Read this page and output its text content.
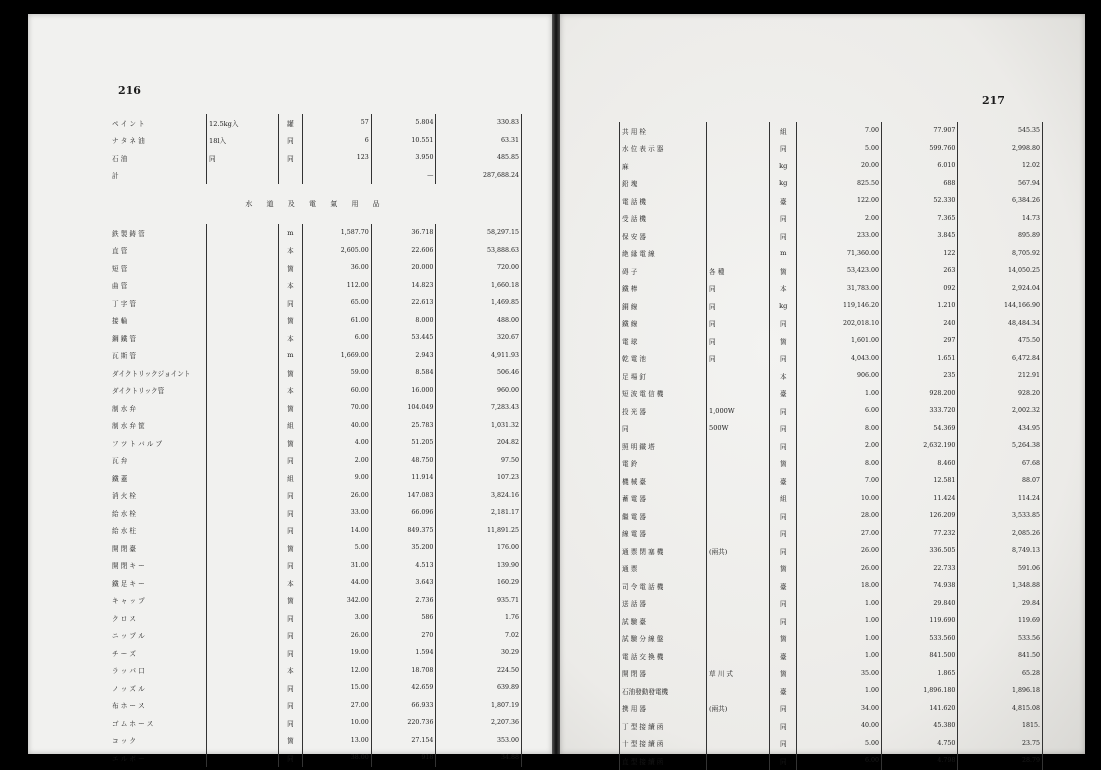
216
ペ イ ン ト	12.5kg入	罐	57	5.804	330.83
ナ タ ネ 油	18l入	同	6	10.551	63.31
石 油	同	同	123	3.950	485.85
計				—	287,688.24
水 道 及 電 氣 用 品					
鉄 製 鋳 管		m	1,587.70	36.718	58,297.15
直 管		本	2,605.00	22.606	53,888.63
短 管		箇	36.00	20.000	720.00
曲 管		本	112.00	14.823	1,660.18
丁 字 管		同	65.00	22.613	1,469.85
接 輪		箇	61.00	8.000	488.00
鋼 鐵 管		本	6.00	53.445	320.67
瓦 斯 管		m	1,669.00	2.943	4,911.93
ダイクトリックジョイント		箇	59.00	8.584	506.46
ダイクトリック管		本	60.00	16.000	960.00
制 水 弁		箇	70.00	104.049	7,283.43
制 水 弁 筐		組	40.00	25.783	1,031.32
フ ツ ト バ ル ブ		箇	4.00	51.205	204.82
瓦 弁		同	2.00	48.750	97.50
鐵 蓋		組	9.00	11.914	107.23
消 火 栓		同	26.00	147.083	3,824.16
給 水 栓		同	33.00	66.096	2,181.17
給 水 柱		同	14.00	849.375	11,891.25
開 閉 臺		箇	5.00	35.200	176.00
開 閉 キ ー		同	31.00	4.513	139.90
鐵 足 キ ー		本	44.00	3.643	160.29
キ ャ ッ プ		箇	342.00	2.736	935.71
ク ロ ス		同	3.00	586	1.76
ニ ッ プ ル		同	26.00	270	7.02
チ ー ズ		同	19.00	1.594	30.29
ラ ッ パ 口		本	12.00	18.708	224.50
ノ ッ ズ ル		同	15.00	42.659	639.89
布 ホ ー ス		同	27.00	66.933	1,807.19
ゴ ム ホ ー ス		同	10.00	220.736	2,207.36
コ ッ ク		箇	13.00	27.154	353.00
エ ル ボ ー		同	38.00	918	34.88
217
共 用 栓		組	7.00	77.907	545.35
水 位 表 示 器		同	5.00	599.760	2,998.80
麻		kg	20.00	6.010	12.02
鉛 塊		kg	825.50	688	567.94
電 話 機		臺	122.00	52.330	6,384.26
受 話 機		同	2.00	7.365	14.73
保 安 器		同	233.00	3.845	895.89
絶 縁 電 線		m	71,360.00	122	8,705.92
碍 子	各 種	箇	53,423.00	263	14,050.25
鐵 棒	同	本	31,783.00	092	2,924.04
銅 線	同	kg	119,146.20	1.210	144,166.90
鐵 線	同	同	202,018.10	240	48,484.34
電 球	同	箇	1,601.00	297	475.50
乾 電 池	同	同	4,043.00	1.651	6,472.84
足 場 釘		本	906.00	235	212.91
短 波 電 信 機		臺	1.00	928.200	928.20
投 光 器	1,000W	同	6.00	333.720	2,002.32
同	500W	同	8.00	54.369	434.95
照 明 鐵 塔		同	2.00	2,632.190	5,264.38
電 鈴		箇	8.00	8.460	67.68
機 械 臺		臺	7.00	12.581	88.07
蓄 電 器		組	10.00	11.424	114.24
繼 電 器		同	28.00	126.209	3,533.85
線 電 器		同	27.00	77.232	2,085.26
通 票 閉 塞 機	(兩共)	同	26.00	336.505	8,749.13
通 票		箇	26.00	22.733	591.06
司 令 電 話 機		臺	18.00	74.938	1,348.88
送 話 器		同	1.00	29.840	29.84
試 驗 臺		同	1.00	119.690	119.69
試 驗 分 線 盤		箇	1.00	533.560	533.56
電 話 交 換 機		臺	1.00	841.500	841.50
開 閉 器	草 川 式	箇	35.00	1.865	65.28
石油發動發電機		臺	1.00	1,896.180	1,896.18
携 用 器	(兩共)	同	34.00	141.620	4,815.08
丁 型 接 續 函		同	40.00	45.380	1815.
十 型 接 續 函		同	5.00	4.750	23.75
直 型 接 續 函		同	6.00	4.798	28.79
